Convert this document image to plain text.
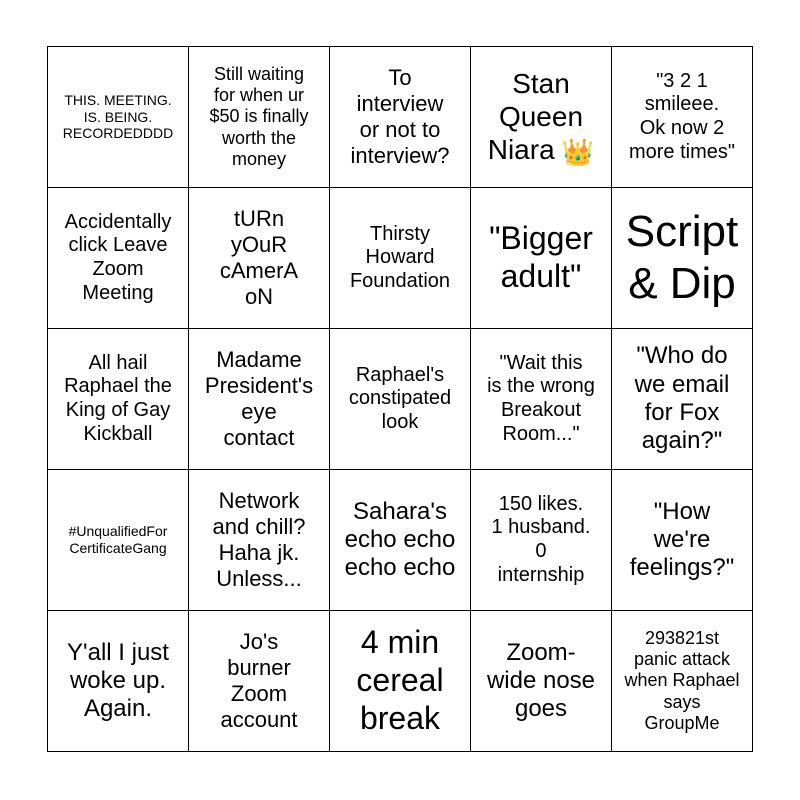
THIS. MEETING.
IS. BEING.
RECORDEDDDD
Still waiting
for when ur
$50 is finally
worth the
money
To
interview
or not to
interview?
Stan
Queen
Niara 👑
"3 2 1
smileee.
Ok now 2
more times"
Accidentally
click Leave
Zoom
Meeting
tURn
yOuR
cAmerA
oN
Thirsty
Howard
Foundation
"Bigger
adult"
Script
& Dip
All hail
Raphael the
King of Gay
Kickball
Madame
President's
eye
contact
Raphael's
constipated
look
"Wait this
is the wrong
Breakout
Room..."
"Who do
we email
for Fox
again?"
#UnqualifiedFor
CertificateGang
Network
and chill?
Haha jk.
Unless...
Sahara's
echo echo
echo echo
150 likes.
1 husband.
0
internship
"How
we're
feelings?"
Y'all I just
woke up.
Again.
Jo's
burner
Zoom
account
4 min
cereal
break
Zoom-
wide nose
goes
293821st
panic attack
when Raphael
says
GroupMe
